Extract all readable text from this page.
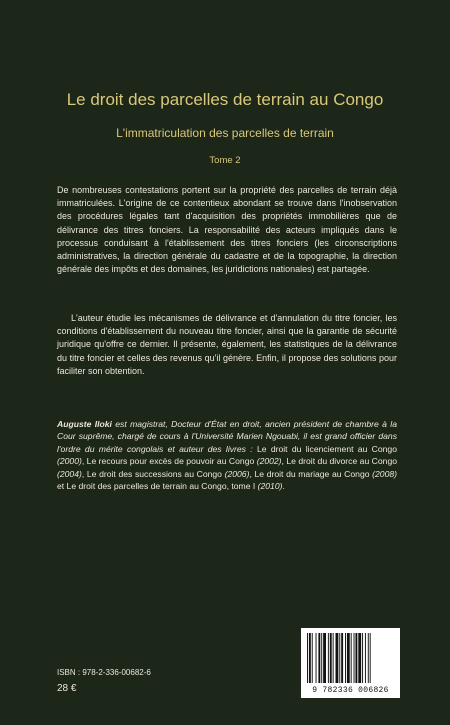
Le droit des parcelles de terrain au Congo
L'immatriculation des parcelles de terrain
Tome 2
De nombreuses contestations portent sur la propriété des parcelles de terrain déjà immatriculées. L'origine de ce contentieux abondant se trouve dans l'inobservation des procédures légales tant d'acquisition des propriétés immobilières que de délivrance des titres fonciers. La responsabilité des acteurs impliqués dans le processus conduisant à l'établissement des titres fonciers (les circonscriptions administratives, la direction générale du cadastre et de la topographie, la direction générale des impôts et des domaines, les juridictions nationales) est partagée.
L'auteur étudie les mécanismes de délivrance et d'annulation du titre foncier, les conditions d'établissement du nouveau titre foncier, ainsi que la garantie de sécurité juridique qu'offre ce dernier. Il présente, également, les statistiques de la délivrance du titre foncier et celles des revenus qu'il génère. Enfin, il propose des solutions pour faciliter son obtention.
Auguste Iloki est magistrat, Docteur d'État en droit, ancien président de chambre à la Cour suprême, chargé de cours à l'Université Marien Ngouabi, il est grand officier dans l'ordre du mérite congolais et auteur des livres : Le droit du licenciement au Congo (2000), Le recours pour excès de pouvoir au Congo (2002), Le droit du divorce au Congo (2004), Le droit des successions au Congo (2006), Le droit du mariage au Congo (2008) et Le droit des parcelles de terrain au Congo, tome I (2010).
ISBN : 978-2-336-00682-6
28 €	9 782336 006826
